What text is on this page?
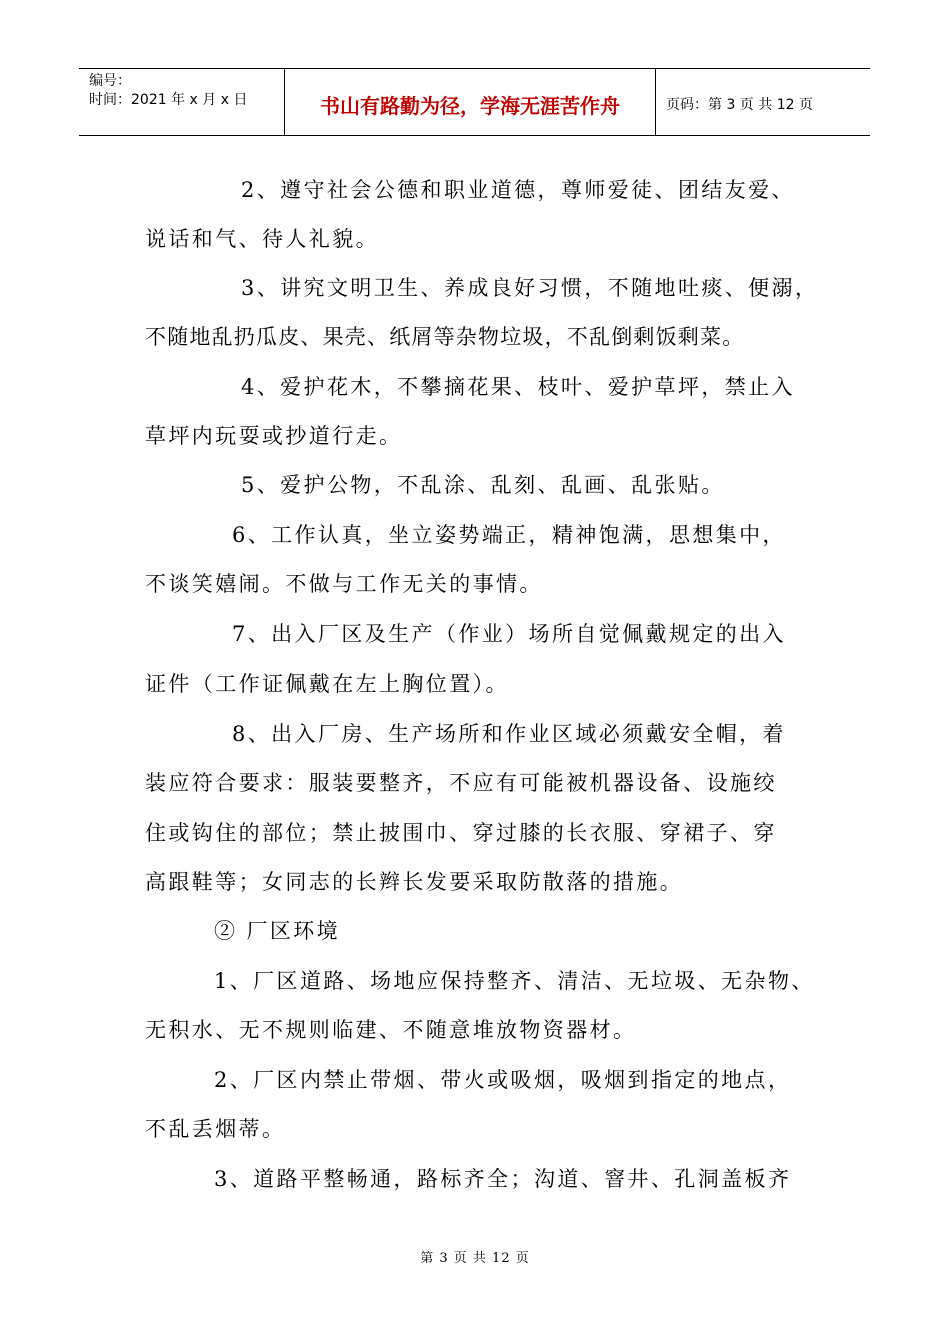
编号：
时间：2021 年 x 月 x 日	书山有路勤为径，学海无涯苦作舟	页码：第 3 页 共 12 页
2、遵守社会公德和职业道德，尊师爱徒、团结友爱、
说话和气、待人礼貌。
3、讲究文明卫生、养成良好习惯，不随地吐痰、便溺，
不随地乱扔瓜皮、果壳、纸屑等杂物垃圾，不乱倒剩饭剩菜。
4、爱护花木，不攀摘花果、枝叶、爱护草坪，禁止入
草坪内玩耍或抄道行走。
5、爱护公物，不乱涂、乱刻、乱画、乱张贴。
6、工作认真，坐立姿势端正，精神饱满，思想集中，
不谈笑嬉闹。不做与工作无关的事情。
7、出入厂区及生产（作业）场所自觉佩戴规定的出入
证件（工作证佩戴在左上胸位置）。
8、出入厂房、生产场所和作业区域必须戴安全帽，着
装应符合要求：服装要整齐，不应有可能被机器设备、设施绞
住或钩住的部位；禁止披围巾、穿过膝的长衣服、穿裙子、穿
高跟鞋等；女同志的长辫长发要采取防散落的措施。
② 厂区环境
1、厂区道路、场地应保持整齐、清洁、无垃圾、无杂物、
无积水、无不规则临建、不随意堆放物资器材。
2、厂区内禁止带烟、带火或吸烟，吸烟到指定的地点，
不乱丢烟蒂。
3、道路平整畅通，路标齐全；沟道、窨井、孔洞盖板齐
第 3 页 共 12 页
